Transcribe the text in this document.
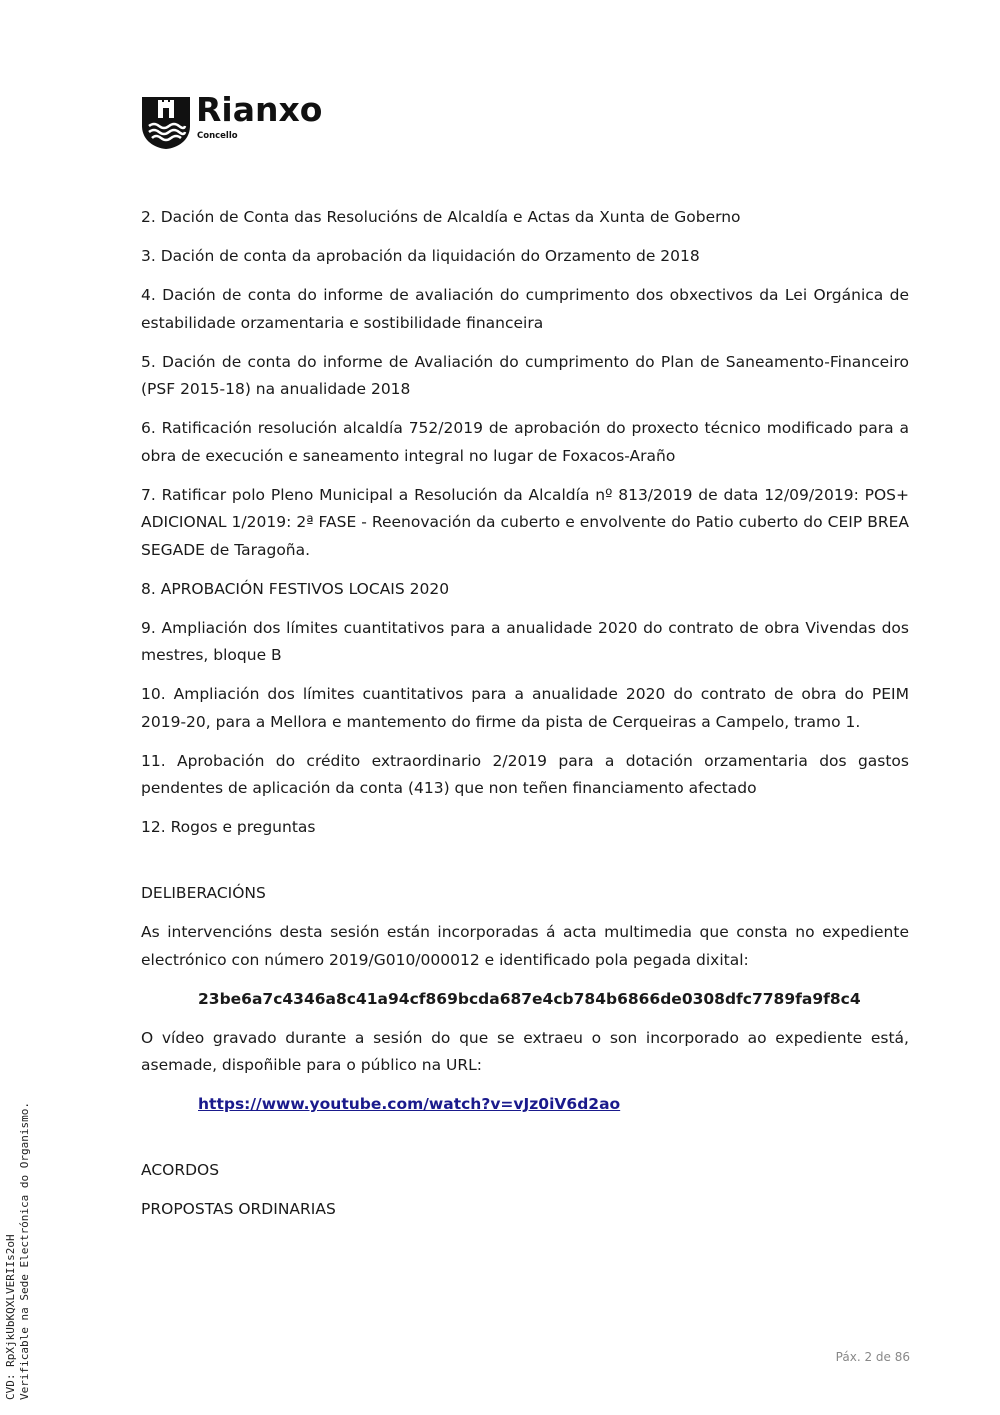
Rianxo
Concello

2. Dación de Conta das Resolucións de Alcaldía e Actas da Xunta de Goberno

3. Dación de conta da aprobación da liquidación do Orzamento de 2018

4. Dación de conta do informe de avaliación do cumprimento dos obxectivos da Lei Orgánica de estabilidade orzamentaria e sostibilidade financeira

5. Dación de conta do informe de Avaliación do cumprimento do Plan de Saneamento-Financeiro (PSF 2015-18) na anualidade 2018

6. Ratificación resolución alcaldía 752/2019 de aprobación do proxecto técnico modificado para a obra de execución e saneamento integral no lugar de Foxacos-Araño

7. Ratificar polo Pleno Municipal a Resolución da Alcaldía nº 813/2019 de data 12/09/2019: POS+ ADICIONAL 1/2019: 2ª FASE - Reenovación da cuberto e envolvente do Patio cuberto do CEIP BREA SEGADE de Taragoña.

8. APROBACIÓN FESTIVOS LOCAIS 2020

9. Ampliación dos límites cuantitativos para a anualidade 2020 do contrato de obra Vivendas dos mestres, bloque B

10. Ampliación dos límites cuantitativos para a anualidade 2020 do contrato de obra do PEIM 2019-20, para a Mellora e mantemento do firme da pista de Cerqueiras a Campelo, tramo 1.

11. Aprobación do crédito extraordinario 2/2019 para a dotación orzamentaria dos gastos pendentes de aplicación da conta (413) que non teñen financiamento afectado

12. Rogos e preguntas

DELIBERACIÓNS

As intervencións desta sesión están incorporadas á acta multimedia que consta no expediente electrónico con número 2019/G010/000012 e identificado pola pegada dixital:

23be6a7c4346a8c41a94cf869bcda687e4cb784b6866de0308dfc7789fa9f8c4

O vídeo gravado durante a sesión do que se extraeu o son incorporado ao expediente está, asemade, dispoñible para o público na URL:

https://www.youtube.com/watch?v=vJz0iV6d2ao

ACORDOS

PROPOSTAS ORDINARIAS

CVD: RpXjkUbKQXLVERIIs2oH Verificable na Sede Electrónica do Organismo.	Páx. 2 de 86
